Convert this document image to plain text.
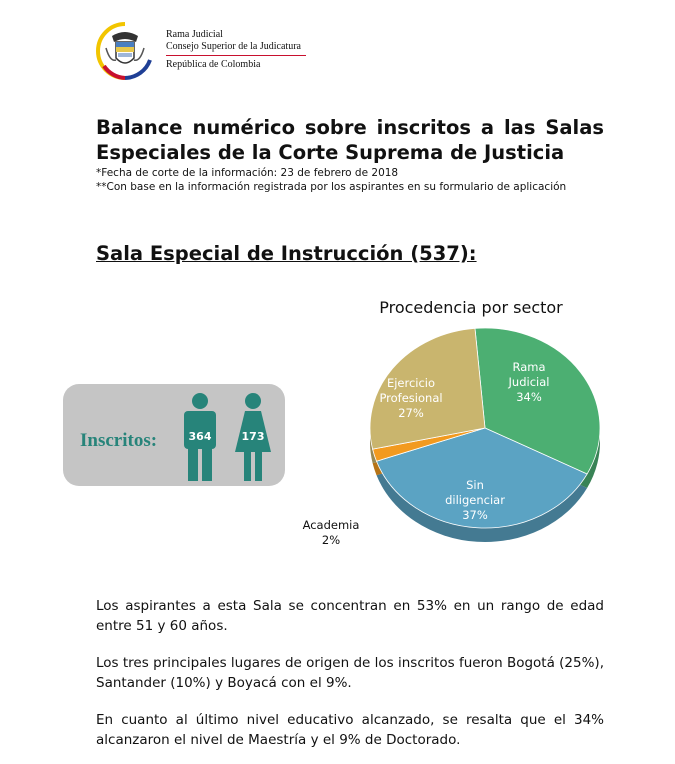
Rama Judicial
Consejo Superior de la Judicatura
República de Colombia
Balance numérico sobre inscritos a las Salas Especiales de la Corte Suprema de Justicia
*Fecha de corte de la información: 23 de febrero de 2018
**Con base en la información registrada por los aspirantes en su formulario de aplicación
Sala Especial de Instrucción (537):
Inscritos:	364	173
Procedencia por sector
Rama
Judicial
34%
Sin
diligenciar
37%
Academia
2%
Ejercicio
Profesional
27%
Los aspirantes a esta Sala se concentran en 53% en un rango de edad entre 51 y 60 años.
Los tres principales lugares de origen de los inscritos fueron Bogotá (25%), Santander (10%) y Boyacá con el 9%.
En cuanto al último nivel educativo alcanzado, se resalta que el 34% alcanzaron el nivel de Maestría y el 9% de Doctorado.
